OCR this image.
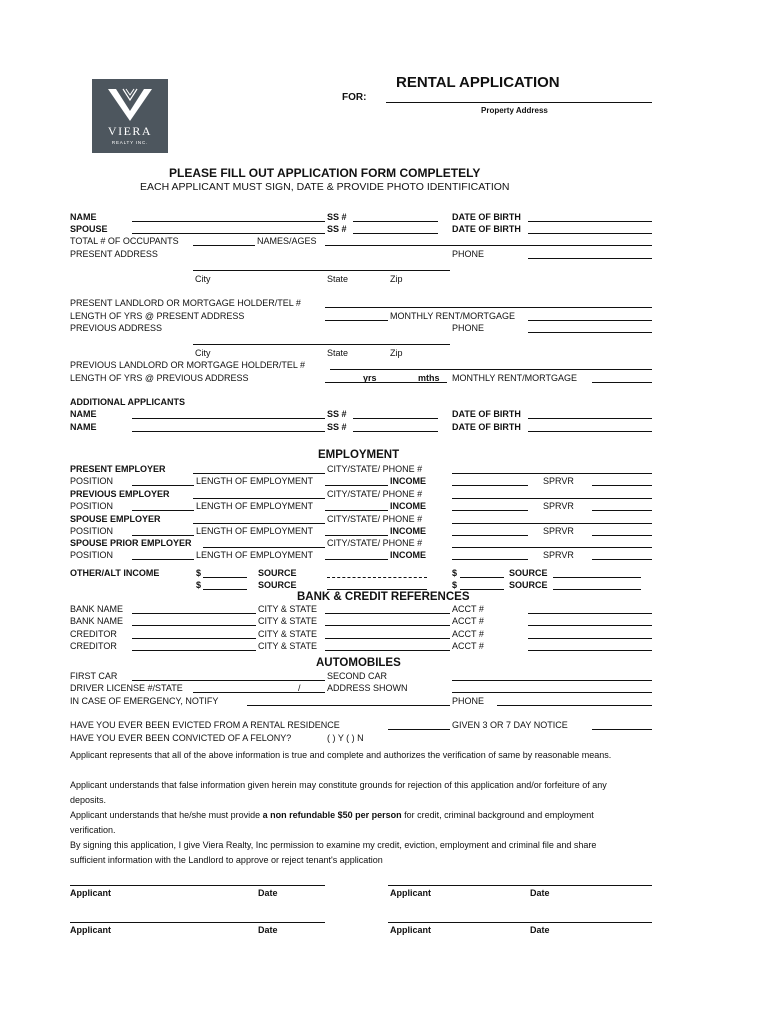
VIERA
REALTY INC.
RENTAL APPLICATION
FOR:
Property Address
PLEASE FILL OUT APPLICATION FORM COMPLETELY
EACH APPLICANT MUST SIGN, DATE & PROVIDE PHOTO IDENTIFICATION
NAME	SS #	DATE OF BIRTH
SPOUSE	SS #	DATE OF BIRTH
TOTAL # OF OCCUPANTS	NAMES/AGES
PRESENT ADDRESS	PHONE
City	State	Zip
PRESENT LANDLORD OR MORTGAGE HOLDER/TEL #
LENGTH OF YRS @ PRESENT ADDRESS	MONTHLY RENT/MORTGAGE
PREVIOUS ADDRESS	PHONE
City	State	Zip
PREVIOUS LANDLORD OR MORTGAGE HOLDER/TEL #
LENGTH OF YRS @ PREVIOUS ADDRESS	yrs	mths MONTHLY RENT/MORTGAGE
ADDITIONAL APPLICANTS
NAME	SS #	DATE OF BIRTH
NAME	SS #	DATE OF BIRTH
EMPLOYMENT
PRESENT EMPLOYER	CITY/STATE/ PHONE #
POSITION	LENGTH OF EMPLOYMENT	INCOME	SPRVR
PREVIOUS EMPLOYER	CITY/STATE/ PHONE #
POSITION	LENGTH OF EMPLOYMENT	INCOME	SPRVR
SPOUSE EMPLOYER	CITY/STATE/ PHONE #
POSITION	LENGTH OF EMPLOYMENT	INCOME	SPRVR
SPOUSE PRIOR EMPLOYER	CITY/STATE/ PHONE #
POSITION	LENGTH OF EMPLOYMENT	INCOME	SPRVR
OTHER/ALT INCOME	$	SOURCE	$	SOURCE
$	SOURCE	$	SOURCE
BANK & CREDIT REFERENCES
BANK NAME	CITY & STATE	ACCT #
BANK NAME	CITY & STATE	ACCT #
CREDITOR	CITY & STATE	ACCT #
CREDITOR	CITY & STATE	ACCT #
AUTOMOBILES
FIRST CAR	SECOND CAR
DRIVER LICENSE #/STATE	/	ADDRESS SHOWN
IN CASE OF EMERGENCY, NOTIFY	PHONE
HAVE YOU EVER BEEN EVICTED FROM A RENTAL RESIDENCE	GIVEN 3 OR 7 DAY NOTICE
HAVE YOU EVER BEEN CONVICTED OF A FELONY?	( ) Y ( ) N
Applicant represents that all of the above information is true and complete and authorizes the verification of same by reasonable means.
Applicant understands that false information given herein may constitute grounds for rejection of this application and/or forfeiture of any deposits.
Applicant understands that he/she must provide a non refundable $50 per person for credit, criminal background and employment verification.
By signing this application, I give Viera Realty, Inc permission to examine my credit, eviction, employment and criminal file and share sufficient information with the Landlord to approve or reject tenant's application
Applicant	Date	Applicant	Date
Applicant	Date	Applicant	Date
